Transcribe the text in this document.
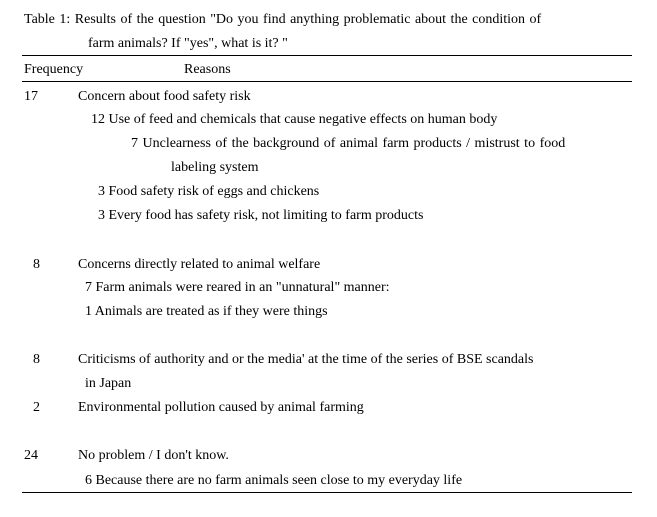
Table 1: Results of the question "Do you find anything problematic about the condition of
farm animals? If "yes", what is it? "
Frequency	Reasons
17	Concern about food safety risk
12 Use of feed and chemicals that cause negative effects on human body
7 Unclearness of the background of animal farm products / mistrust to food
labeling system
3 Food safety risk of eggs and chickens
3 Every food has safety risk, not limiting to farm products
8	Concerns directly related to animal welfare
7 Farm animals were reared in an "unnatural" manner:
1 Animals are treated as if they were things
8	Criticisms of authority and or the media' at the time of the series of BSE scandals
in Japan
2	Environmental pollution caused by animal farming
24	No problem / I don't know.
6 Because there are no farm animals seen close to my everyday life
